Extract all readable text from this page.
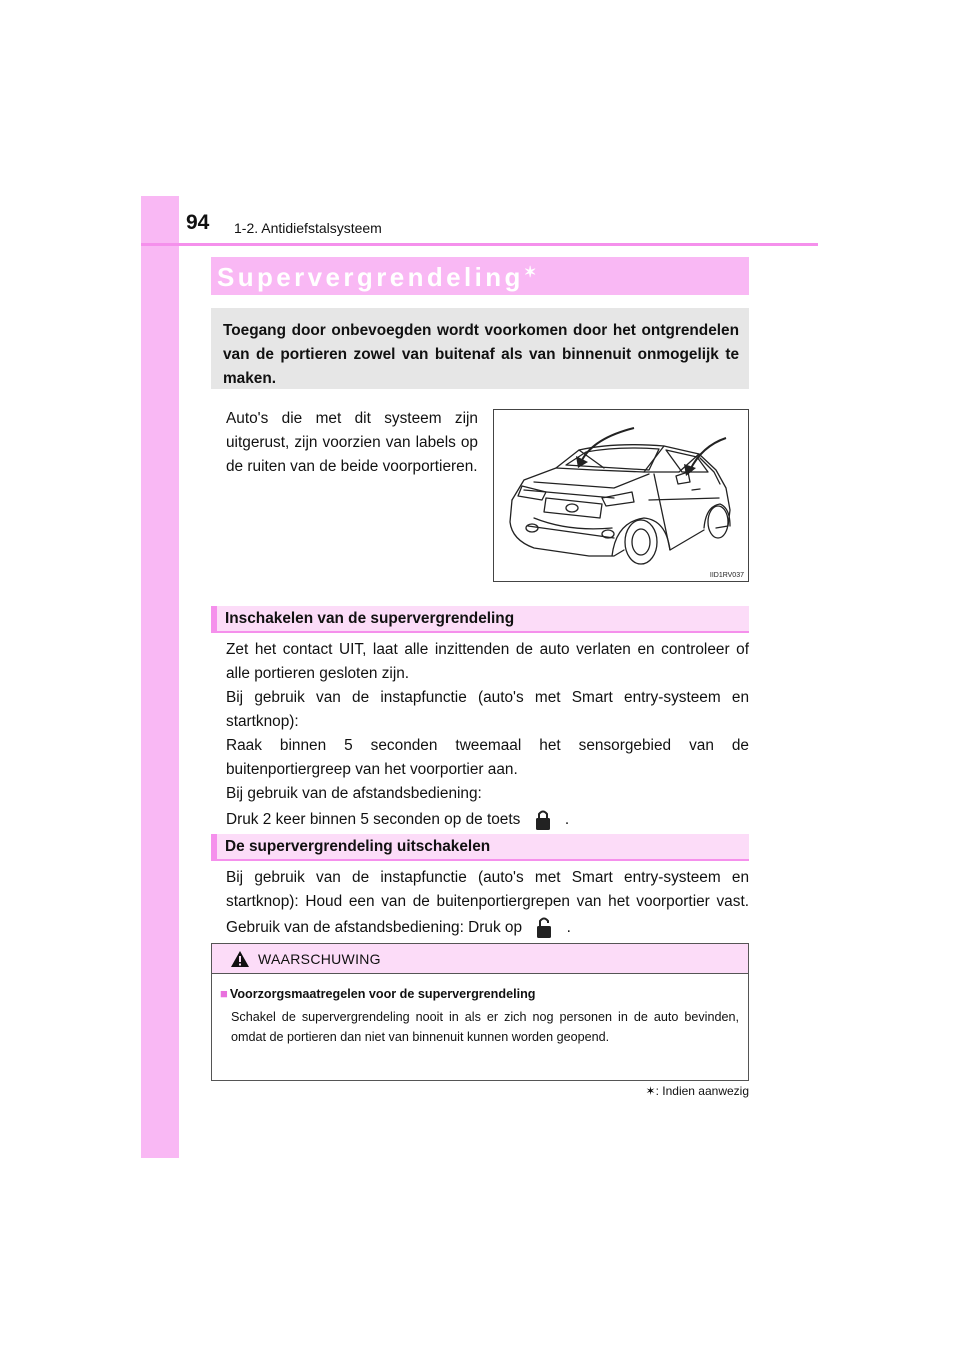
94 1-2. Antidiefstalsysteem
Supervergrendeling✶
Toegang door onbevoegden wordt voorkomen door het ontgrendelen van de portieren zowel van buitenaf als van binnenuit onmogelijk te maken.
Auto's die met dit systeem zijn uitgerust, zijn voorzien van labels op de ruiten van de beide voorportieren.
IID1RV037
Inschakelen van de supervergrendeling
Zet het contact UIT, laat alle inzittenden de auto verlaten en controleer of alle portieren gesloten zijn.
Bij gebruik van de instapfunctie (auto's met Smart entry-systeem en startknop):
Raak binnen 5 seconden tweemaal het sensorgebied van de buitenportiergreep van het voorportier aan.
Bij gebruik van de afstandsbediening:
Druk 2 keer binnen 5 seconden op de toets	.
De supervergrendeling uitschakelen
Bij gebruik van de instapfunctie (auto's met Smart entry-systeem en startknop): Houd een van de buitenportiergrepen van het voorportier vast. Gebruik van de afstandsbediening: Druk op	.
WAARSCHUWING
■ Voorzorgsmaatregelen voor de supervergrendeling
Schakel de supervergrendeling nooit in als er zich nog personen in de auto bevinden, omdat de portieren dan niet van binnenuit kunnen worden geopend.
✶: Indien aanwezig
